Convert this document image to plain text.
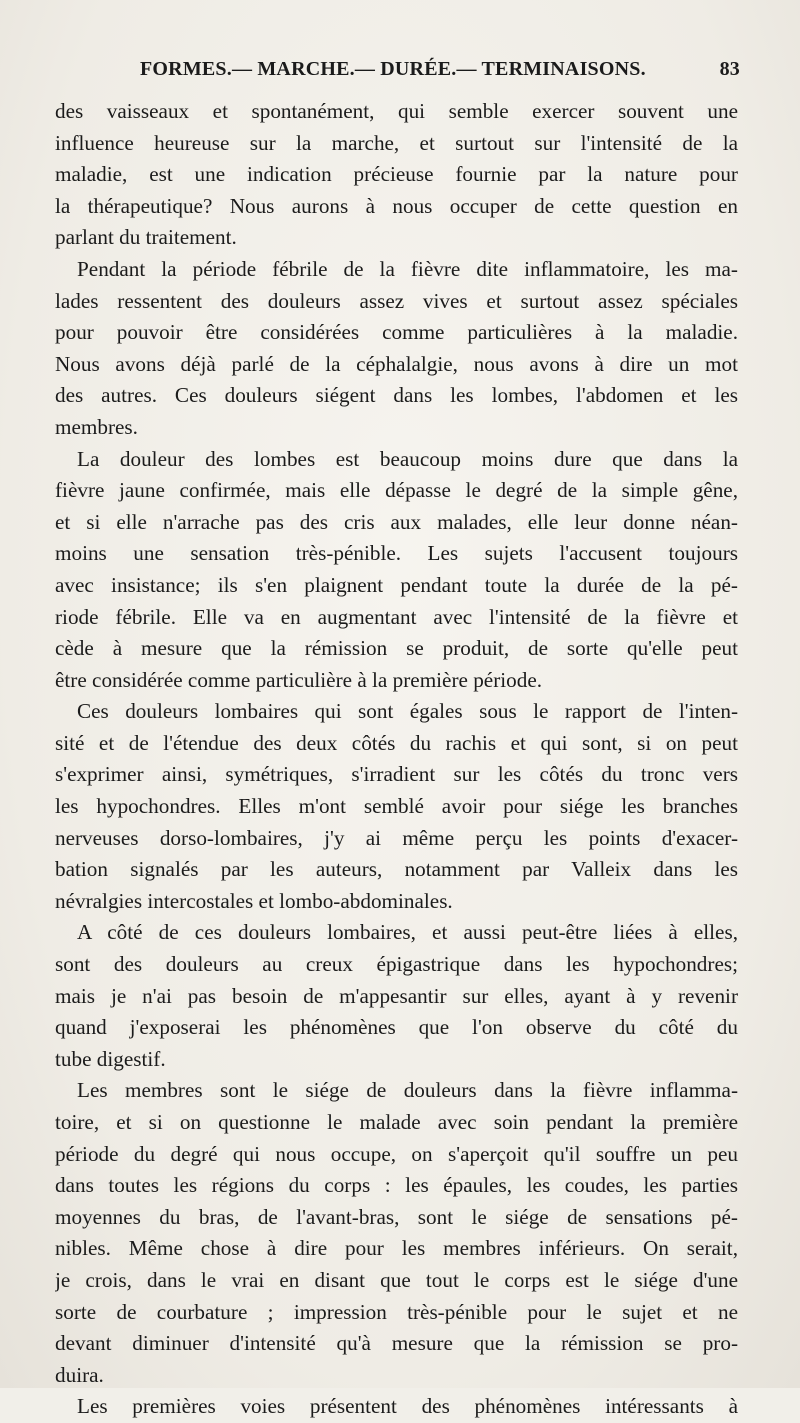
FORMES.— MARCHE.— DURÉE.— TERMINAISONS.	83
des vaisseaux et spontanément, qui semble exercer souvent une
influence heureuse sur la marche, et surtout sur l'intensité de la
maladie, est une indication précieuse fournie par la nature pour
la thérapeutique? Nous aurons à nous occuper de cette question en
parlant du traitement.
Pendant la période fébrile de la fièvre dite inflammatoire, les ma-
lades ressentent des douleurs assez vives et surtout assez spéciales
pour pouvoir être considérées comme particulières à la maladie.
Nous avons déjà parlé de la céphalalgie, nous avons à dire un mot
des autres. Ces douleurs siégent dans les lombes, l'abdomen et les
membres.
La douleur des lombes est beaucoup moins dure que dans la
fièvre jaune confirmée, mais elle dépasse le degré de la simple gêne,
et si elle n'arrache pas des cris aux malades, elle leur donne néan-
moins une sensation très-pénible. Les sujets l'accusent toujours
avec insistance; ils s'en plaignent pendant toute la durée de la pé-
riode fébrile. Elle va en augmentant avec l'intensité de la fièvre et
cède à mesure que la rémission se produit, de sorte qu'elle peut
être considérée comme particulière à la première période.
Ces douleurs lombaires qui sont égales sous le rapport de l'inten-
sité et de l'étendue des deux côtés du rachis et qui sont, si on peut
s'exprimer ainsi, symétriques, s'irradient sur les côtés du tronc vers
les hypochondres. Elles m'ont semblé avoir pour siége les branches
nerveuses dorso-lombaires, j'y ai même perçu les points d'exacer-
bation signalés par les auteurs, notamment par Valleix dans les
névralgies intercostales et lombo-abdominales.
A côté de ces douleurs lombaires, et aussi peut-être liées à elles,
sont des douleurs au creux épigastrique dans les hypochondres;
mais je n'ai pas besoin de m'appesantir sur elles, ayant à y revenir
quand j'exposerai les phénomènes que l'on observe du côté du
tube digestif.
Les membres sont le siége de douleurs dans la fièvre inflamma-
toire, et si on questionne le malade avec soin pendant la première
période du degré qui nous occupe, on s'aperçoit qu'il souffre un peu
dans toutes les régions du corps : les épaules, les coudes, les parties
moyennes du bras, de l'avant-bras, sont le siége de sensations pé-
nibles. Même chose à dire pour les membres inférieurs. On serait,
je crois, dans le vrai en disant que tout le corps est le siége d'une
sorte de courbature ; impression très-pénible pour le sujet et ne
devant diminuer d'intensité qu'à mesure que la rémission se pro-
duira.
Les premières voies présentent des phénomènes intéressants à
